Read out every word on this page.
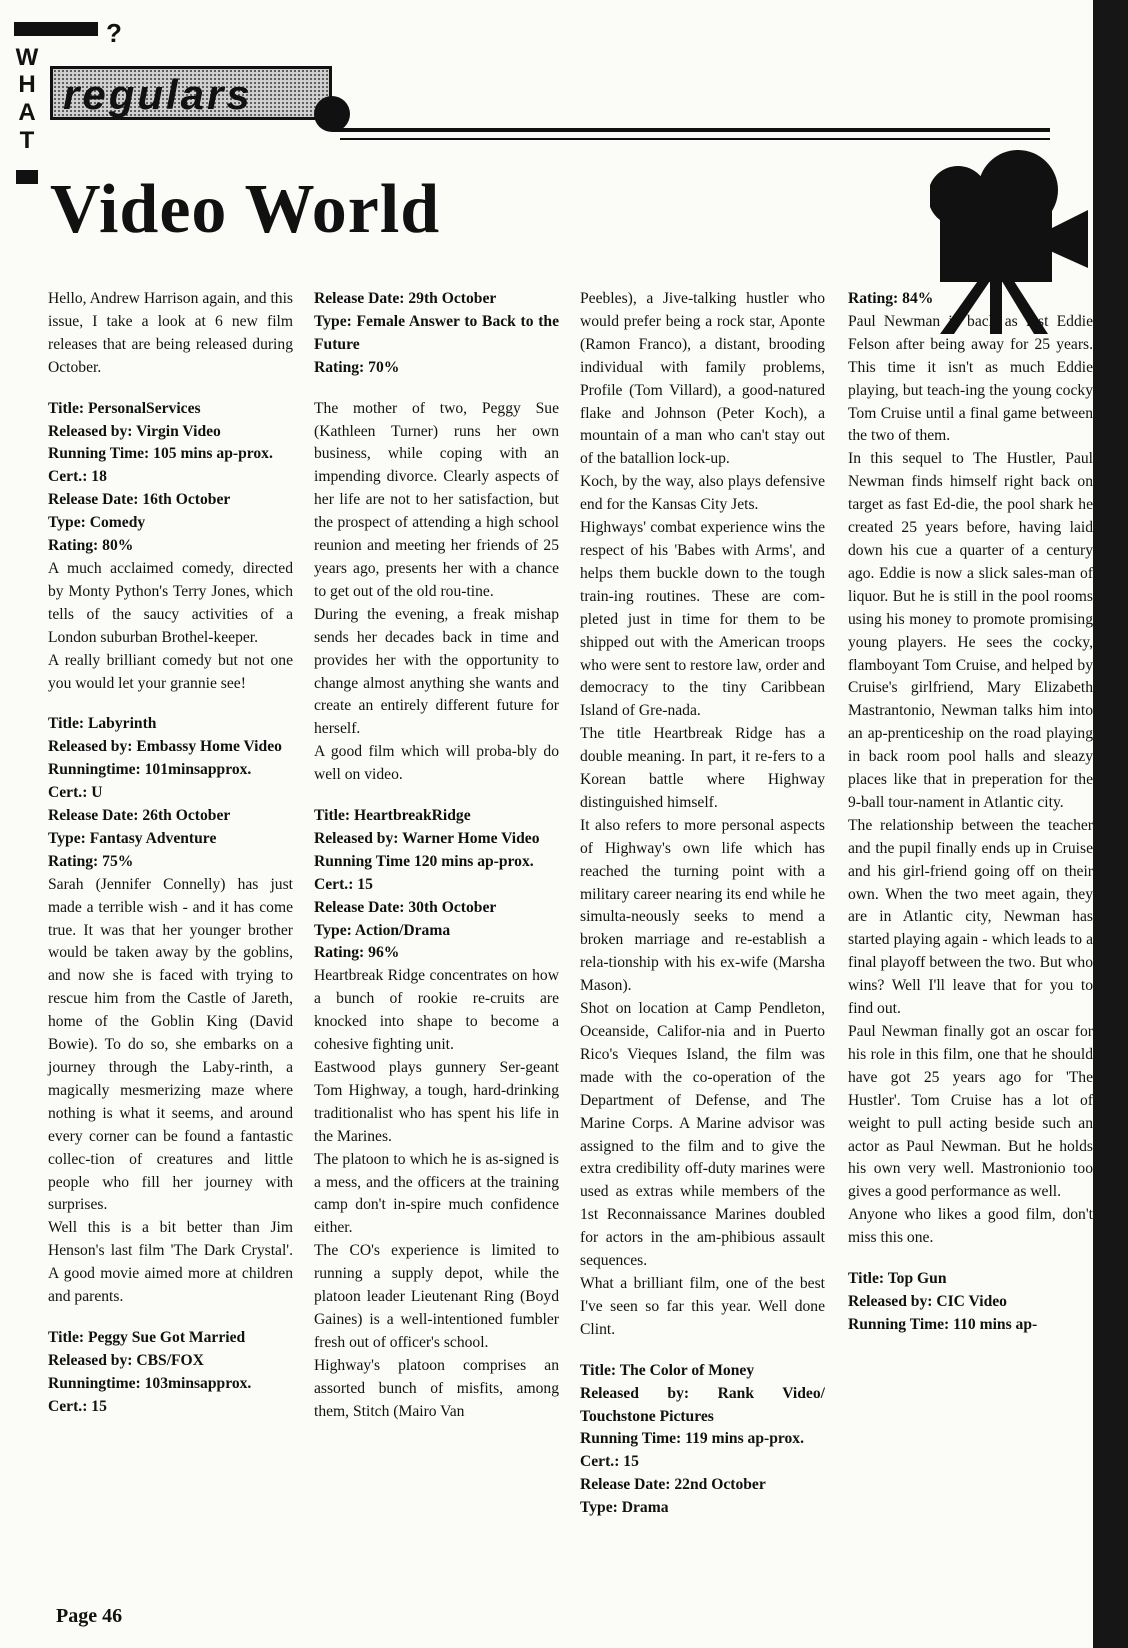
?
W
H
A
T
regulars
Video World

Hello, Andrew Harrison again, and this issue, I take a look at 6 new film releases that are being released during October.

Title: PersonalServices

Released by: Virgin Video

Running Time: 105 mins ap-prox.

Cert.: 18

Release Date: 16th October

Type: Comedy

Rating: 80%

A much acclaimed comedy, directed by Monty Python's Terry Jones, which tells of the saucy activities of a London suburban Brothel-keeper.

A really brilliant comedy but not one you would let your grannie see!

Title: Labyrinth

Released by: Embassy Home Video

Runningtime: 101minsapprox.

Cert.: U

Release Date: 26th October

Type: Fantasy Adventure

Rating: 75%

Sarah (Jennifer Connelly) has just made a terrible wish - and it has come true. It was that her younger brother would be taken away by the goblins, and now she is faced with trying to rescue him from the Castle of Jareth, home of the Goblin King (David Bowie). To do so, she embarks on a journey through the Laby-rinth, a magically mesmerizing maze where nothing is what it seems, and around every corner can be found a fantastic collec-tion of creatures and little people who fill her journey with surprises.

Well this is a bit better than Jim Henson's last film 'The Dark Crystal'. A good movie aimed more at children and parents.

Title: Peggy Sue Got Married

Released by: CBS/FOX

Runningtime: 103minsapprox.

Cert.: 15

Release Date: 29th October

Type: Female Answer to Back to the Future

Rating: 70%

The mother of two, Peggy Sue (Kathleen Turner) runs her own business, while coping with an impending divorce. Clearly aspects of her life are not to her satisfaction, but the prospect of attending a high school reunion and meeting her friends of 25 years ago, presents her with a chance to get out of the old rou-tine.

During the evening, a freak mishap sends her decades back in time and provides her with the opportunity to change almost anything she wants and create an entirely different future for herself.

A good film which will proba-bly do well on video.

Title: HeartbreakRidge

Released by: Warner Home Video

Running Time 120 mins ap-prox.

Cert.: 15

Release Date: 30th October

Type: Action/Drama

Rating: 96%

Heartbreak Ridge concentrates on how a bunch of rookie re-cruits are knocked into shape to become a cohesive fighting unit.

Eastwood plays gunnery Ser-geant Tom Highway, a tough, hard-drinking traditionalist who has spent his life in the Marines.

The platoon to which he is as-signed is a mess, and the officers at the training camp don't in-spire much confidence either.

The CO's experience is limited to running a supply depot, while the platoon leader Lieutenant Ring (Boyd Gaines) is a well-intentioned fumbler fresh out of officer's school.

Highway's platoon comprises an assorted bunch of misfits, among them, Stitch (Mairo Van

Peebles), a Jive-talking hustler who would prefer being a rock star, Aponte (Ramon Franco), a distant, brooding individual with family problems, Profile (Tom Villard), a good-natured flake and Johnson (Peter Koch), a mountain of a man who can't stay out of the batallion lock-up.

Koch, by the way, also plays defensive end for the Kansas City Jets.

Highways' combat experience wins the respect of his 'Babes with Arms', and helps them buckle down to the tough train-ing routines. These are com-pleted just in time for them to be shipped out with the American troops who were sent to restore law, order and democracy to the tiny Caribbean Island of Gre-nada.

The title Heartbreak Ridge has a double meaning. In part, it re-fers to a Korean battle where Highway distinguished himself.

It also refers to more personal aspects of Highway's own life which has reached the turning point with a military career nearing its end while he simulta-neously seeks to mend a broken marriage and re-establish a rela-tionship with his ex-wife (Marsha Mason).

Shot on location at Camp Pendleton, Oceanside, Califor-nia and in Puerto Rico's Vieques Island, the film was made with the co-operation of the Department of Defense, and The Marine Corps. A Marine advisor was assigned to the film and to give the extra credibility off-duty marines were used as extras while members of the 1st Reconnaissance Marines doubled for actors in the am-phibious assault sequences.

What a brilliant film, one of the best I've seen so far this year. Well done Clint.

Title: The Color of Money

Released by: Rank Video/ Touchstone Pictures

Running Time: 119 mins ap-prox.

Cert.: 15

Release Date: 22nd October

Type: Drama

Rating: 84%

Paul Newman is back as fast Eddie Felson after being away for 25 years. This time it isn't as much Eddie playing, but teach-ing the young cocky Tom Cruise until a final game between the two of them.

In this sequel to The Hustler, Paul Newman finds himself right back on target as fast Ed-die, the pool shark he created 25 years before, having laid down his cue a quarter of a century ago. Eddie is now a slick sales-man of liquor. But he is still in the pool rooms using his money to promote promising young players. He sees the cocky, flamboyant Tom Cruise, and helped by Cruise's girlfriend, Mary Elizabeth Mastrantonio, Newman talks him into an ap-prenticeship on the road playing in back room pool halls and sleazy places like that in preperation for the 9-ball tour-nament in Atlantic city.

The relationship between the teacher and the pupil finally ends up in Cruise and his girl-friend going off on their own. When the two meet again, they are in Atlantic city, Newman has started playing again - which leads to a final playoff between the two. But who wins? Well I'll leave that for you to find out.

Paul Newman finally got an oscar for his role in this film, one that he should have got 25 years ago for 'The Hustler'. Tom Cruise has a lot of weight to pull acting beside such an actor as Paul Newman. But he holds his own very well. Mastronionio too gives a good performance as well.

Anyone who likes a good film, don't miss this one.

Title: Top Gun

Released by: CIC Video

Running Time: 110 mins ap-

Page 46
